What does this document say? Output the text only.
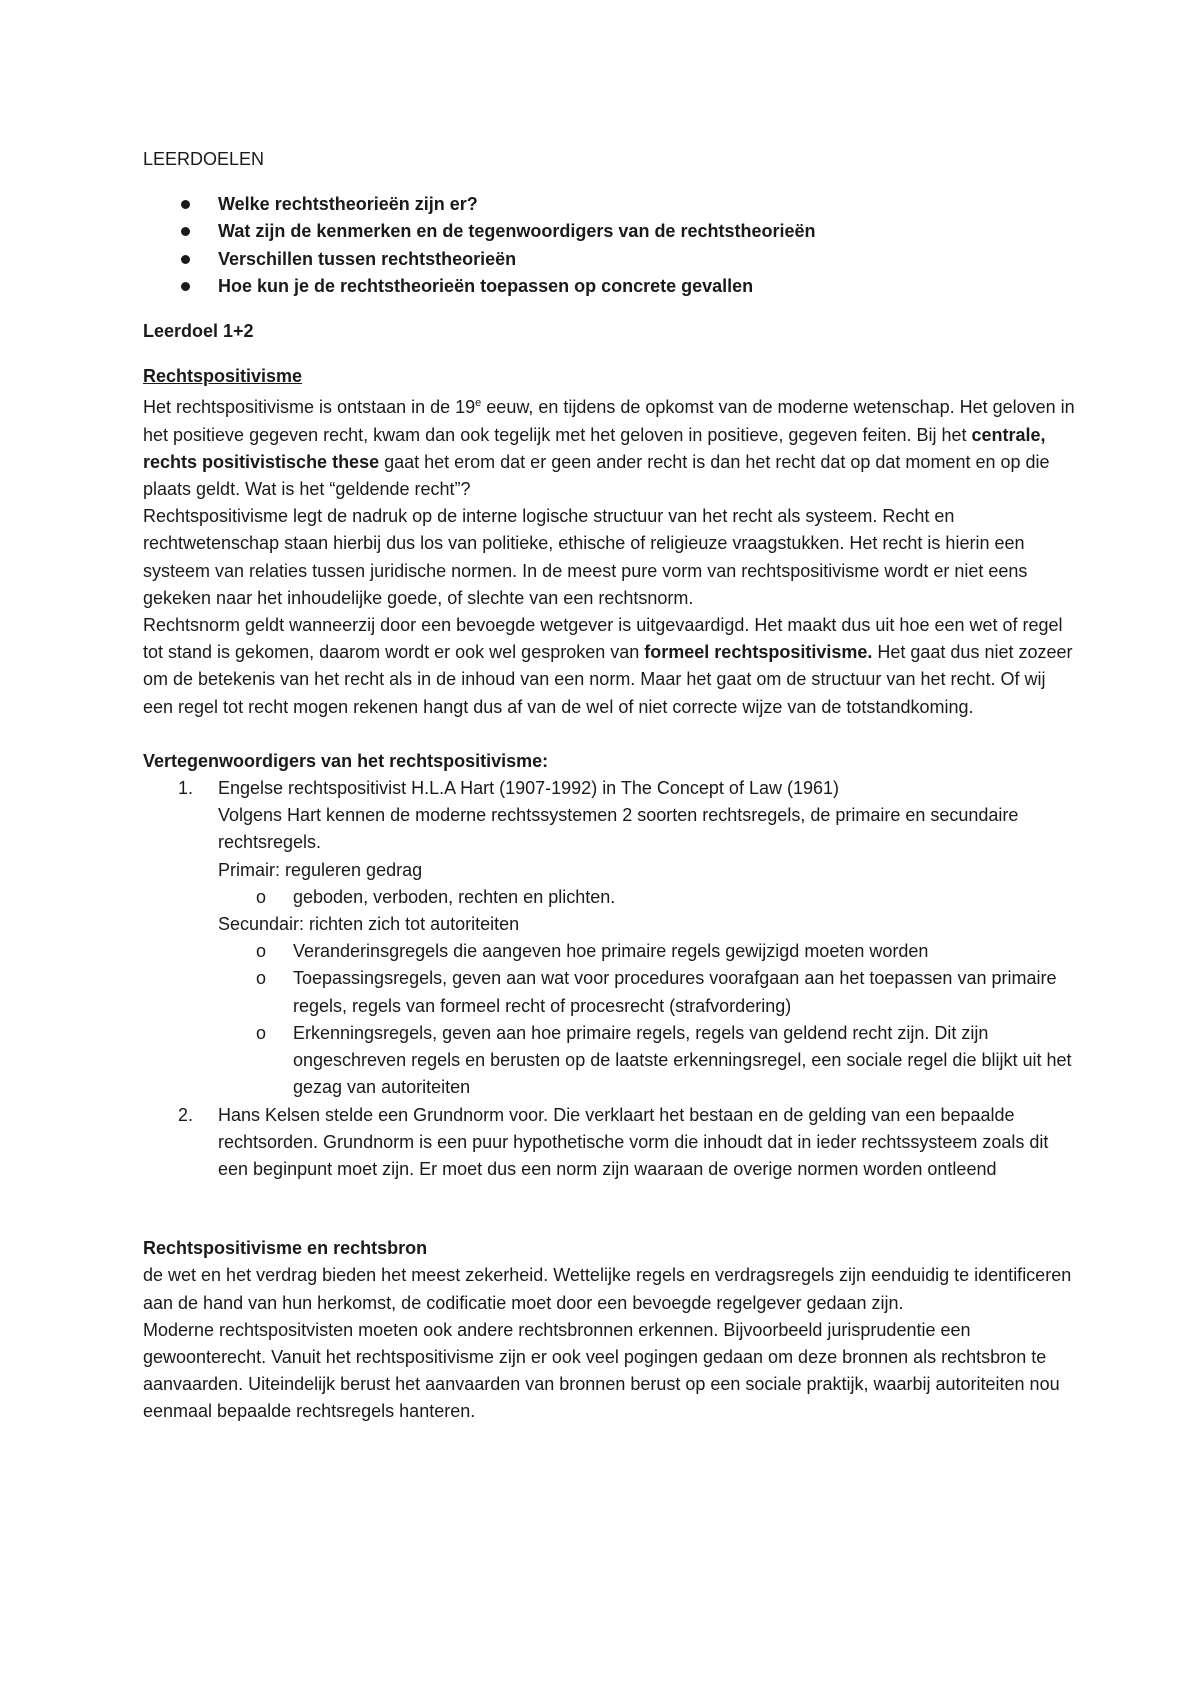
LEERDOELEN

Welke rechtstheorieën zijn er?
Wat zijn de kenmerken en de tegenwoordigers van de rechtstheorieën
Verschillen tussen rechtstheorieën
Hoe kun je de rechtstheorieën toepassen op concrete gevallen

Leerdoel 1+2

Rechtspositivisme

Het rechtspositivisme is ontstaan in de 19e eeuw, en tijdens de opkomst van de moderne wetenschap. Het geloven in het positieve gegeven recht, kwam dan ook tegelijk met het geloven in positieve, gegeven feiten. Bij het centrale, rechts positivistische these gaat het erom dat er geen ander recht is dan het recht dat op dat moment en op die plaats geldt. Wat is het “geldende recht”?

Rechtspositivisme legt de nadruk op de interne logische structuur van het recht als systeem. Recht en rechtwetenschap staan hierbij dus los van politieke, ethische of religieuze vraagstukken. Het recht is hierin een systeem van relaties tussen juridische normen. In de meest pure vorm van rechtspositivisme wordt er niet eens gekeken naar het inhoudelijke goede, of slechte van een rechtsnorm.

Rechtsnorm geldt wanneerzij door een bevoegde wetgever is uitgevaardigd. Het maakt dus uit hoe een wet of regel tot stand is gekomen, daarom wordt er ook wel gesproken van formeel rechtspositivisme. Het gaat dus niet zozeer om de betekenis van het recht als in de inhoud van een norm. Maar het gaat om de structuur van het recht. Of wij een regel tot recht mogen rekenen hangt dus af van de wel of niet correcte wijze van de totstandkoming.

Vertegenwoordigers van het rechtspositivisme:

1. Engelse rechtspositivist H.L.A Hart (1907-1992) in The Concept of Law (1961)

Volgens Hart kennen de moderne rechtssystemen 2 soorten rechtsregels, de primaire en secundaire rechtsregels.

Primair: reguleren gedrag

o geboden, verboden, rechten en plichten.

Secundair: richten zich tot autoriteiten

o Veranderinsgregels die aangeven hoe primaire regels gewijzigd moeten worden
o Toepassingsregels, geven aan wat voor procedures voorafgaan aan het toepassen van primaire regels, regels van formeel recht of procesrecht (strafvordering)
o Erkenningsregels, geven aan hoe primaire regels, regels van geldend recht zijn. Dit zijn ongeschreven regels en berusten op de laatste erkenningsregel, een sociale regel die blijkt uit het gezag van autoriteiten
2. Hans Kelsen stelde een Grundnorm voor. Die verklaart het bestaan en de gelding van een bepaalde rechtsorden. Grundnorm is een puur hypothetische vorm die inhoudt dat in ieder rechtssysteem zoals dit een beginpunt moet zijn. Er moet dus een norm zijn waaraan de overige normen worden ontleend

Rechtspositivisme en rechtsbron

de wet en het verdrag bieden het meest zekerheid. Wettelijke regels en verdragsregels zijn eenduidig te identificeren aan de hand van hun herkomst, de codificatie moet door een bevoegde regelgever gedaan zijn.

Moderne rechtspositvisten moeten ook andere rechtsbronnen erkennen. Bijvoorbeeld jurisprudentie een gewoonterecht. Vanuit het rechtspositivisme zijn er ook veel pogingen gedaan om deze bronnen als rechtsbron te aanvaarden. Uiteindelijk berust het aanvaarden van bronnen berust op een sociale praktijk, waarbij autoriteiten nou eenmaal bepaalde rechtsregels hanteren.
